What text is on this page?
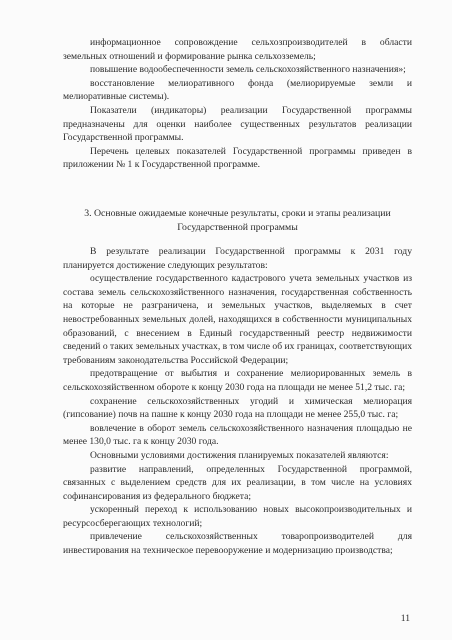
информационное сопровождение сельхозпроизводителей в области земельных отношений и формирование рынка сельхозземель;

повышение водообеспеченности земель сельскохозяйственного назначения»;

восстановление мелиоративного фонда (мелиорируемые земли и мелиоративные системы).

Показатели (индикаторы) реализации Государственной программы предназначены для оценки наиболее существенных результатов реализации Государственной программы.

Перечень целевых показателей Государственной программы приведен в приложении № 1 к Государственной программе.

3. Основные ожидаемые конечные результаты, сроки и этапы реализации
Государственной программы

В результате реализации Государственной программы к 2031 году планируется достижение следующих результатов:

осуществление государственного кадастрового учета земельных участков из состава земель сельскохозяйственного назначения, государственная собственность на которые не разграничена, и земельных участков, выделяемых в счет невостребованных земельных долей, находящихся в собственности муниципальных образований, с внесением в Единый государственный реестр недвижимости сведений о таких земельных участках, в том числе об их границах, соответствующих требованиям законодательства Российской Федерации;

предотвращение от выбытия и сохранение мелиорированных земель в сельскохозяйственном обороте к концу 2030 года на площади не менее 51,2 тыс. га;

сохранение сельскохозяйственных угодий и химическая мелиорация (гипсование) почв на пашне к концу 2030 года на площади не менее 255,0 тыс. га;

вовлечение в оборот земель сельскохозяйственного назначения площадью не менее 130,0 тыс. га к концу 2030 года.

Основными условиями достижения планируемых показателей являются:

развитие направлений, определенных Государственной программой, связанных с выделением средств для их реализации, в том числе на условиях софинансирования из федерального бюджета;

ускоренный переход к использованию новых высокопроизводительных и ресурсосберегающих технологий;

привлечение сельскохозяйственных товаропроизводителей для инвестирования на техническое перевооружение и модернизацию производства;

11
